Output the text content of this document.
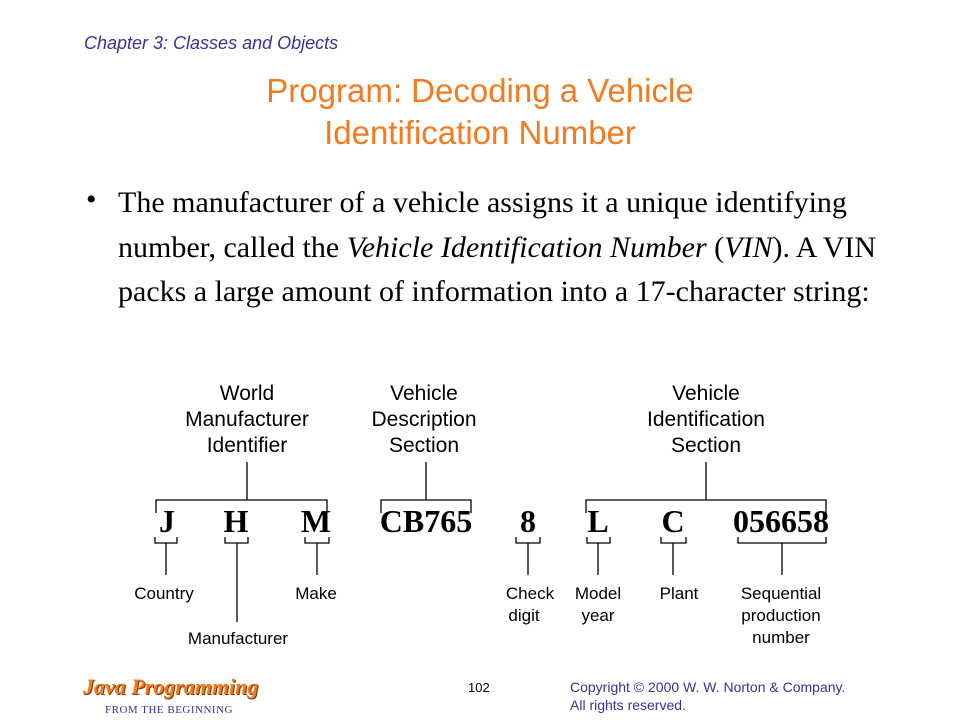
Chapter 3: Classes and Objects
Program: Decoding a Vehicle
Identification Number
• The manufacturer of a vehicle assigns it a unique identifying number, called the Vehicle Identification Number (VIN). A VIN packs a large amount of information into a 17-character string:
World
Manufacturer
Identifier
Vehicle
Description
Section
Vehicle
Identification
Section
J H M CB765 8 L C 056658
Country
Manufacturer
Make	Check
digit
Model
year
Plant Sequential
production
number
Java Programming
FROM THE BEGINNING
102	Copyright © 2000 W. W. Norton & Company.
All rights reserved.
